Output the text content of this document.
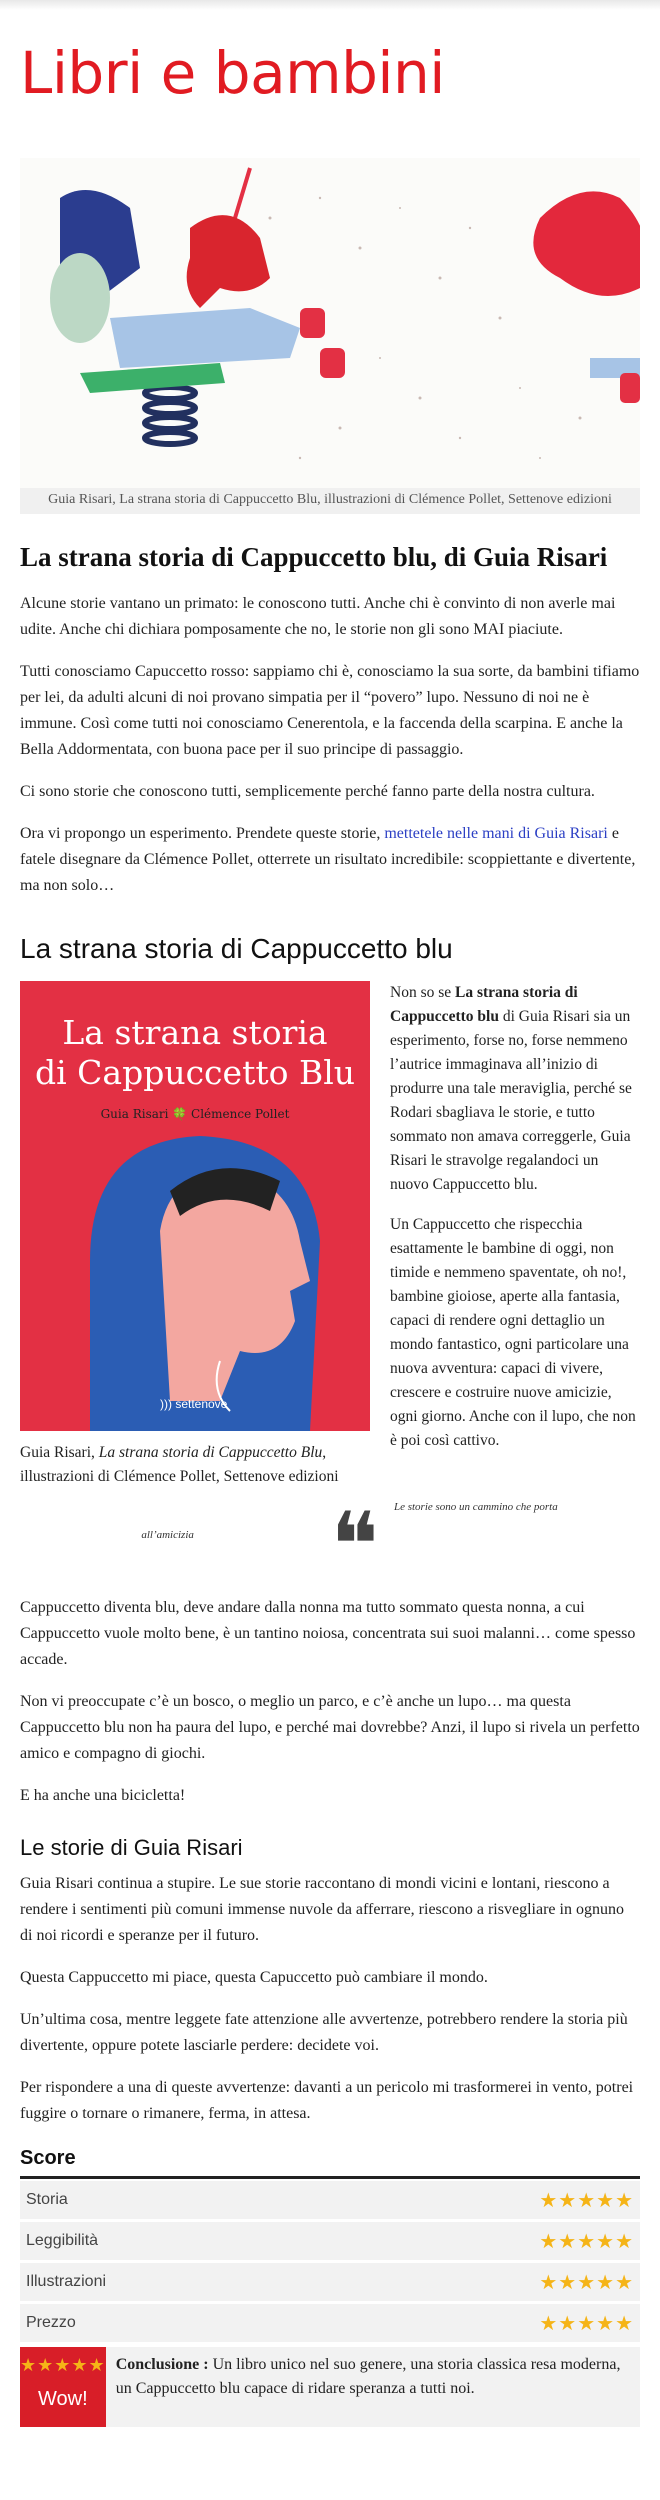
Libri e bambini
Guia Risari, La strana storia di Cappuccetto Blu, illustrazioni di Clémence Pollet, Settenove edizioni
La strana storia di Cappuccetto blu, di Guia Risari

Alcune storie vantano un primato: le conoscono tutti. Anche chi è convinto di non averle mai udite. Anche chi dichiara pomposamente che no, le storie non gli sono MAI piaciute.

Tutti conosciamo Capuccetto rosso: sappiamo chi è, conosciamo la sua sorte, da bambini tifiamo per lei, da adulti alcuni di noi provano simpatia per il “povero” lupo. Nessuno di noi ne è immune. Così come tutti noi conosciamo Cenerentola, e la faccenda della scarpina. E anche la Bella Addormentata, con buona pace per il suo principe di passaggio.

Ci sono storie che conoscono tutti, semplicemente perché fanno parte della nostra cultura.

Ora vi propongo un esperimento. Prendete queste storie, mettetele nelle mani di Guia Risari e fatele disegnare da Clémence Pollet, otterrete un risultato incredibile: scoppiettante e divertente, ma non solo…

La strana storia di Cappuccetto blu
La strana storia
di Cappuccetto Blu
Guia Risari 🍀 Clémence Pollet
))) settenove
Guia Risari, La strana storia di Cappuccetto Blu, illustrazioni di Clémence Pollet, Settenove edizioni

Non so se La strana storia di Cappuccetto blu di Guia Risari sia un esperimento, forse no, forse nemmeno l’autrice immaginava all’inizio di produrre una tale meraviglia, perché se Rodari sbagliava le storie, e tutto sommato non amava correggerle, Guia Risari le stravolge regalandoci un nuovo Cappuccetto blu.

Un Cappuccetto che rispecchia esattamente le bambine di oggi, non timide e nemmeno spaventate, oh no!, bambine gioiose, aperte alla fantasia, capaci di rendere ogni dettaglio un mondo fantastico, ogni particolare una nuova avventura: capaci di vivere, crescere e costruire nuove amicizie, ogni giorno. Anche con il lupo, che non è poi così cattivo.

all’amicizia	❝	Le storie sono un cammino che porta

Cappuccetto diventa blu, deve andare dalla nonna ma tutto sommato questa nonna, a cui Cappuccetto vuole molto bene, è un tantino noiosa, concentrata sui suoi malanni… come spesso accade.

Non vi preoccupate c’è un bosco, o meglio un parco, e c’è anche un lupo… ma questa Cappuccetto blu non ha paura del lupo, e perché mai dovrebbe? Anzi, il lupo si rivela un perfetto amico e compagno di giochi.

E ha anche una bicicletta!

Le storie di Guia Risari

Guia Risari continua a stupire. Le sue storie raccontano di mondi vicini e lontani, riescono a rendere i sentimenti più comuni immense nuvole da afferrare, riescono a risvegliare in ognuno di noi ricordi e speranze per il futuro.

Questa Cappuccetto mi piace, questa Capuccetto può cambiare il mondo.

Un’ultima cosa, mentre leggete fate attenzione alle avvertenze, potrebbero rendere la storia più divertente, oppure potete lasciarle perdere: decidete voi.

Per rispondere a una di queste avvertenze: davanti a un pericolo mi trasformerei in vento, potrei fuggire o tornare o rimanere, ferma, in attesa.

Score
Storia	★★★★★
Leggibilità	★★★★★
Illustrazioni	★★★★★
Prezzo	★★★★★
★★★★★
Wow!
Conclusione : Un libro unico nel suo genere, una storia classica resa moderna, un Cappuccetto blu capace di ridare speranza a tutti noi.
